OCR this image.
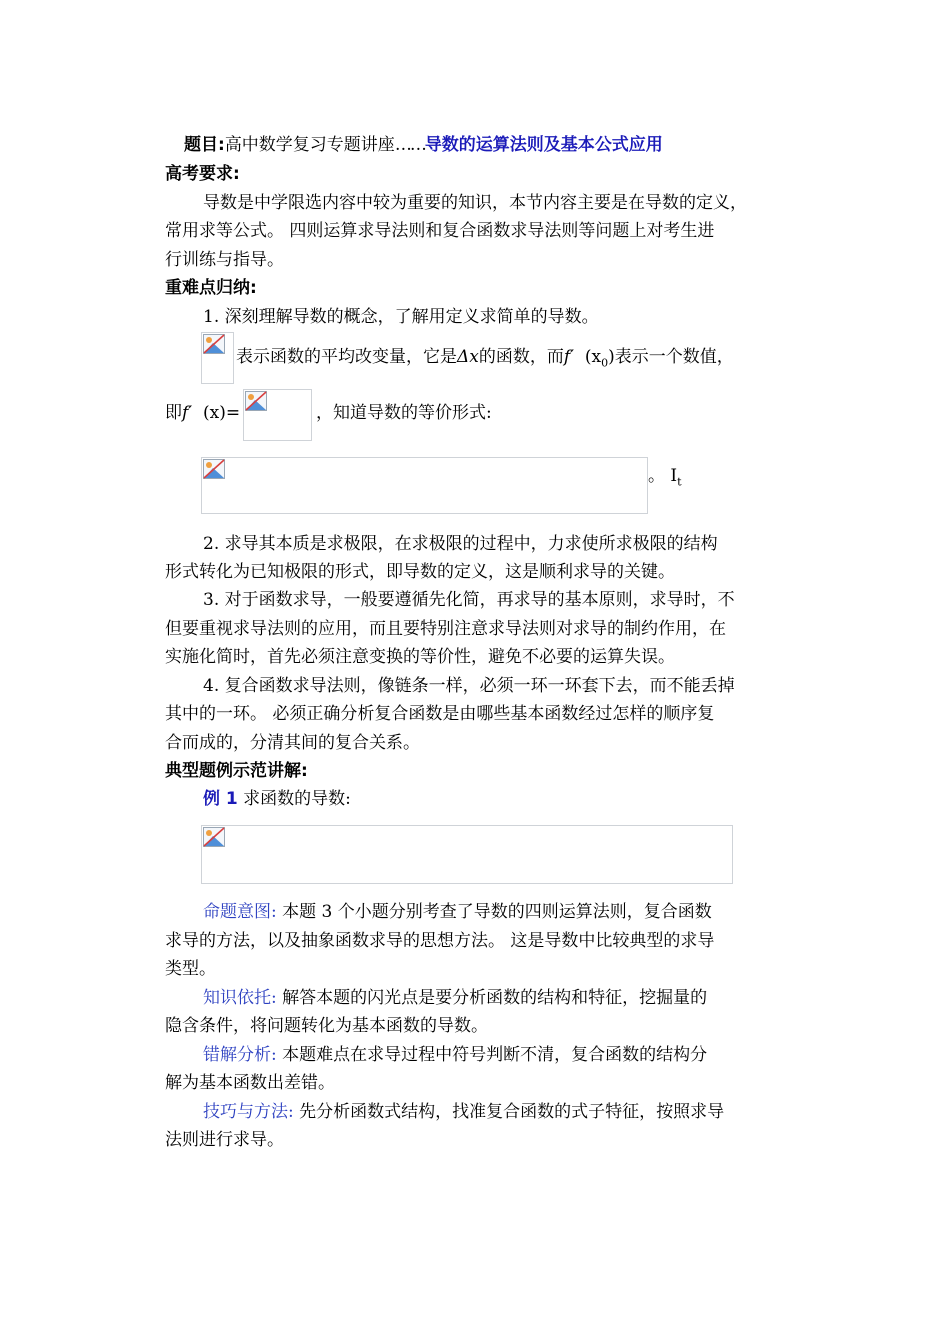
题目:高中数学复习专题讲座……导数的运算法则及基本公式应用
高考要求:
导数是中学限选内容中较为重要的知识，本节内容主要是在导数的定义，
常用求等公式。 四则运算求导法则和复合函数求导法则等问题上对考生进
行训练与指导。
重难点归纳:
1. 深刻理解导数的概念，了解用定义求简单的导数。
表示函数的平均改变量，它是Δx的函数，而f′ $(x_0)$表示一个数值，
即f′ (x)=	，知道导数的等价形式:
。 $I_t$
2. 求导其本质是求极限，在求极限的过程中，力求使所求极限的结构
形式转化为已知极限的形式，即导数的定义，这是顺利求导的关键。
3. 对于函数求导，一般要遵循先化简，再求导的基本原则，求导时，不
但要重视求导法则的应用，而且要特别注意求导法则对求导的制约作用，在
实施化简时，首先必须注意变换的等价性，避免不必要的运算失误。
4. 复合函数求导法则，像链条一样，必须一环一环套下去，而不能丢掉
其中的一环。 必须正确分析复合函数是由哪些基本函数经过怎样的顺序复
合而成的，分清其间的复合关系。
典型题例示范讲解:
例 1 求函数的导数:
命题意图: 本题 3 个小题分别考查了导数的四则运算法则，复合函数
求导的方法，以及抽象函数求导的思想方法。 这是导数中比较典型的求导
类型。
知识依托: 解答本题的闪光点是要分析函数的结构和特征，挖掘量的
隐含条件，将问题转化为基本函数的导数。
错解分析: 本题难点在求导过程中符号判断不清，复合函数的结构分
解为基本函数出差错。
技巧与方法: 先分析函数式结构，找准复合函数的式子特征，按照求导
法则进行求导。
